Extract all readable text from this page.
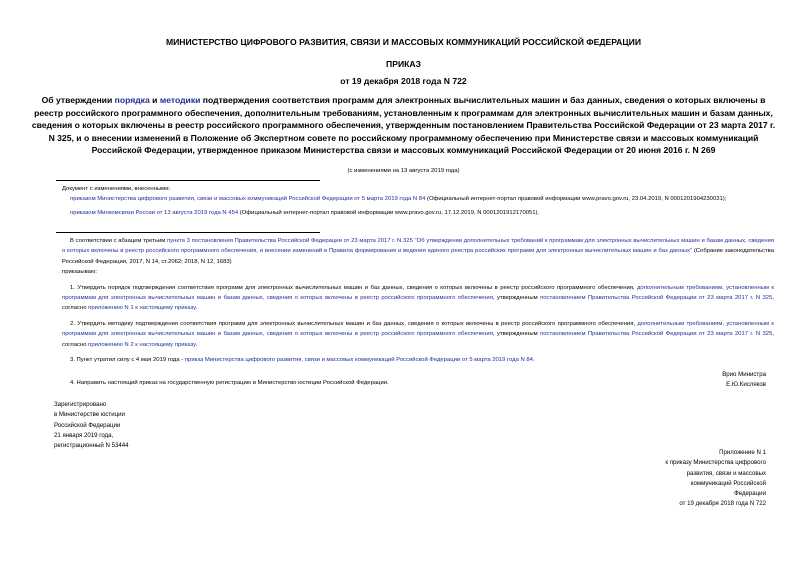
МИНИСТЕРСТВО ЦИФРОВОГО РАЗВИТИЯ, СВЯЗИ И МАССОВЫХ КОММУНИКАЦИЙ РОССИЙСКОЙ ФЕДЕРАЦИИ
ПРИКАЗ
от 19 декабря 2018 года N 722
Об утверждении порядка и методики подтверждения соответствия программ для электронных вычислительных машин и баз данных, сведения о которых включены в реестр российского программного обеспечения, дополнительным требованиям, установленным к программам для электронных вычислительных машин и базам данных, сведения о которых включены в реестр российского программного обеспечения, утвержденным постановлением Правительства Российской Федерации от 23 марта 2017 г. N 325, и о внесении изменений в Положение об Экспертном совете по российскому программному обеспечению при Министерстве связи и массовых коммуникаций Российской Федерации, утвержденное приказом Министерства связи и массовых коммуникаций Российской Федерации от 20 июня 2016 г. N 269
(с изменениями на 13 августа 2019 года)
Документ с изменениями, внесенными:

приказом Министерства цифрового развития, связи и массовых коммуникаций Российской Федерации от 5 марта 2019 года N 84 (Официальный интернет-портал правовой информации www.pravo.gov.ru, 23.04.2019, N 0001201904230031);

приказом Минкомсвязи России от 13 августа 2019 года N 454 (Официальный интернет-портал правовой информации www.pravo.gov.ru, 17.12.2019, N 0001201912170051).

В соответствии с абзацем третьим пункта 3 постановления Правительства Российской Федерации от 23 марта 2017 г. N 325 "Об утверждении дополнительных требований к программам для электронных вычислительных машин и базам данных, сведения о которых включены в реестр российского программного обеспечения, и внесении изменений в Правила формирования и ведения единого реестра российских программ для электронных вычислительных машин и баз данных" (Собрание законодательства Российской Федерации, 2017, N 14, ст.2062; 2018, N 12, 1683)

приказываю:

1. Утвердить порядок подтверждения соответствия программ для электронных вычислительных машин и баз данных, сведения о которых включены в реестр российского программного обеспечения, дополнительным требованиям, установленным к программам для электронных вычислительных машин и базам данных, сведения о которых включены в реестр российского программного обеспечения, утвержденным постановлением Правительства Российской Федерации от 23 марта 2017 г. N 325, согласно приложению N 1 к настоящему приказу.

2. Утвердить методику подтверждения соответствия программ для электронных вычислительных машин и баз данных, сведения о которых включены в реестр российского программного обеспечения, дополнительным требованиям, установленным к программам для электронных вычислительных машин и базам данных, сведения о которых включены в реестр российского программного обеспечения, утвержденным постановлением Правительства Российской Федерации от 23 марта 2017 г. N 325, согласно приложению N 2 к настоящему приказу.

3. Пункт утратил силу с 4 мая 2019 года - приказ Министерства цифрового развития, связи и массовых коммуникаций Российской Федерации от 5 марта 2019 года N 84.

4. Направить настоящий приказ на государственную регистрацию в Министерство юстиции Российской Федерации.

Врио Министра
Е.Ю.Кисляков
Зарегистрировано
в Министерстве юстиции
Российской Федерации
21 января 2019 года,
регистрационный N 53444
Приложение N 1
к приказу Министерства цифрового
развития, связи и массовых
коммуникаций Российской
Федерации
от 19 декабря 2018 года N 722
